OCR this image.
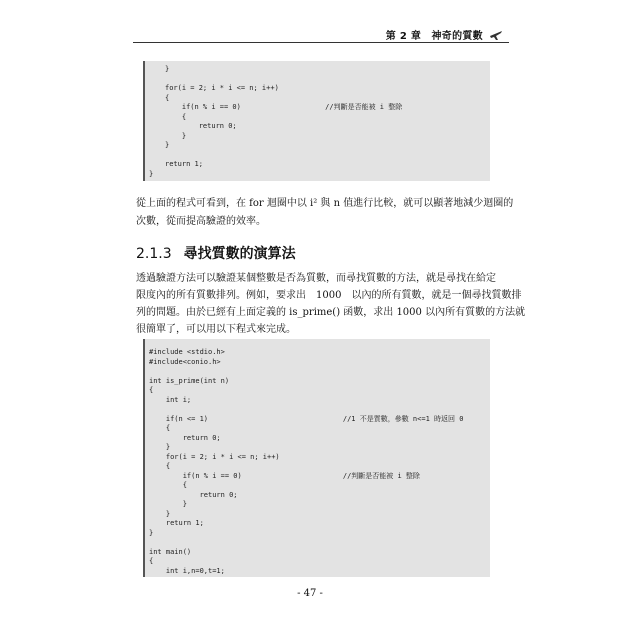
第 2 章　神奇的質數
}
for(i = 2; i * i <= n; i++)
{
if(n % i == 0)                    //判斷是否能被 i 整除
{
return 0;
}
}
return 1;
}
從上面的程式可看到，在 for 迴圈中以 i² 與 n 值進行比較，就可以顯著地減少迴圈的
次數，從而提高驗證的效率。
2.1.3 尋找質數的演算法
透過驗證方法可以驗證某個整數是否為質數，而尋找質數的方法，就是尋找在給定
限度內的所有質數排列。例如，要求出　1000　以內的所有質數，就是一個尋找質數排
列的問題。由於已經有上面定義的 is_prime() 函數，求出 1000 以內所有質數的方法就
很簡單了，可以用以下程式來完成。
#include <stdio.h>
#include<conio.h>
int is_prime(int n)
{
int i;
if(n <= 1)                                //1 不是質數，參數 n<=1 時返回 0
{
return 0;
}
for(i = 2; i * i <= n; i++)
{
if(n % i == 0)                        //判斷是否能被 i 整除
{
return 0;
}
}
return 1;
}
int main()
{
int i,n=0,t=1;
- 47 -
